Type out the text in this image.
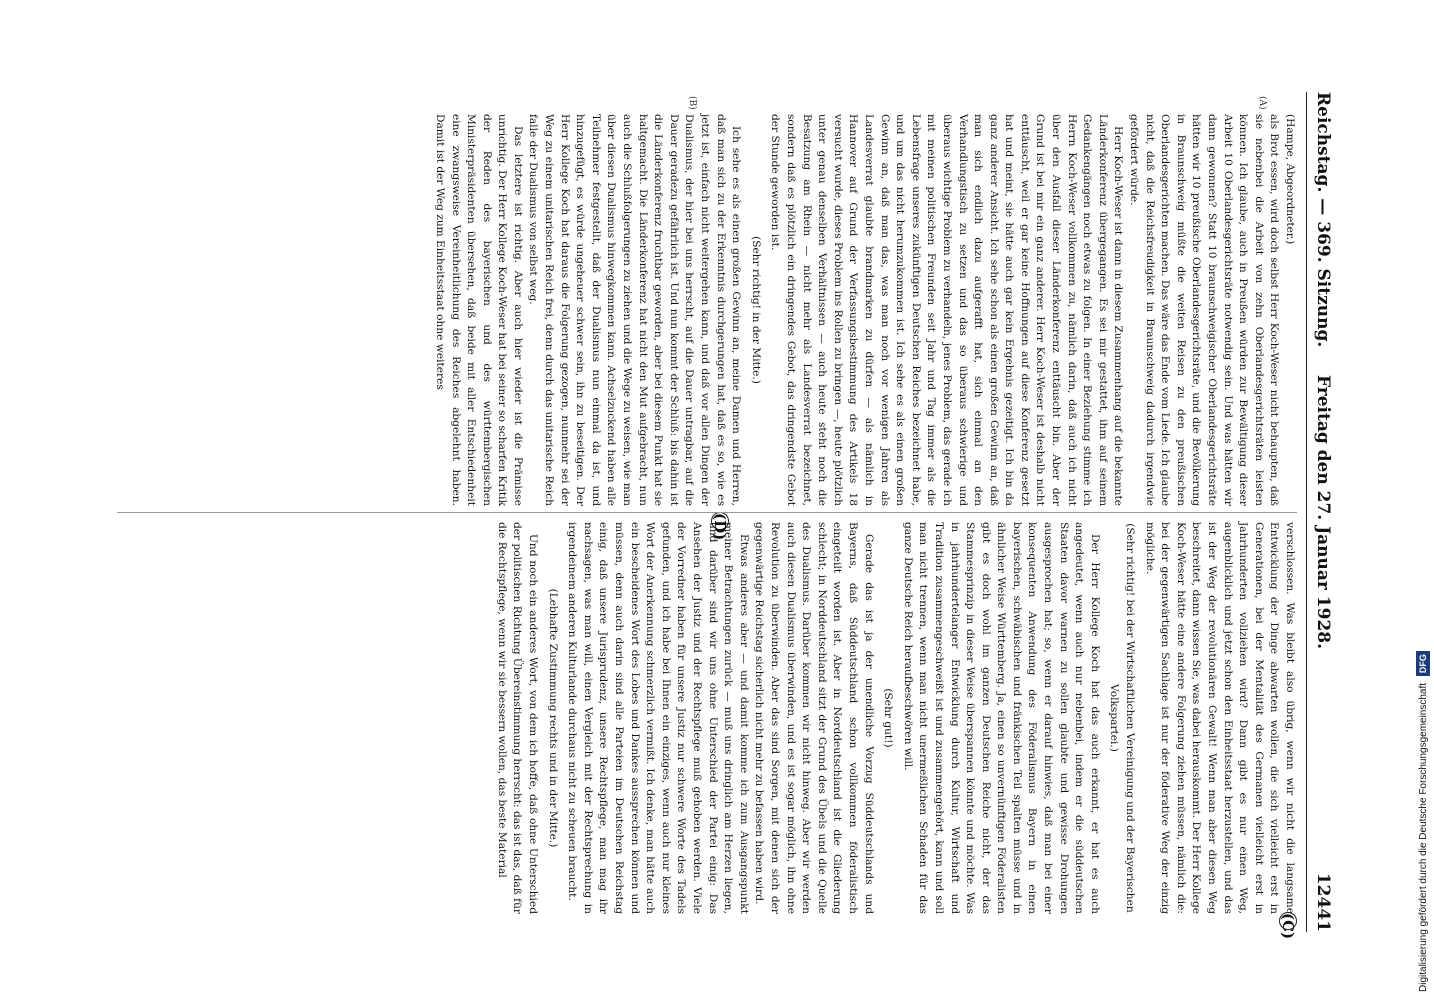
Reichstag. — 369. Sitzung.
Freitag den 27. Januar 1928.
12441
(A)
(B)
(C)
(D)

(Hampe, Abgeordneter.)

als Brot essen, wird doch selbst Herr Koch-Weser nicht behaupten, daß sie nebenbei die Arbeit von zehn Oberlandesgerichtsräten leisten können. Ich glaube, auch in Preußen würden zur Bewältigung dieser Arbeit 10 Oberlandesgerichtsräte notwendig sein. Und was hätten wir dann gewonnen? Statt 10 braunschweigischer Oberlandesgerichtsräte hätten wir 10 preußische Oberlandesgerichtsräte, und die Bevölkerung in Braunschweig müßte die weiten Reisen zu den preußischen Oberlandesgerichten machen. Das wäre das Ende vom Liede. Ich glaube nicht, daß die Reichsfreudigkeit in Braunschweig dadurch irgendwie gefördert würde.

Herr Koch-Weser ist dann in diesem Zusammenhang auf die bekannte Länderkonferenz übergegangen. Es sei mir gestattet, ihm auf seinem Gedankengängen noch etwas zu folgen. In einer Beziehung stimme ich Herrn Koch-Weser vollkommen zu, nämlich darin, daß auch ich nicht über den Ausfall dieser Länderkonferenz enttäuscht bin. Aber der Grund ist bei mir ein ganz anderer. Herr Koch-Weser ist deshalb nicht enttäuscht, weil er gar keine Hoffnungen auf diese Konferenz gesetzt hat und meint, sie hätte auch gar kein Ergebnis gezeitigt. Ich bin da ganz anderer Ansicht. Ich sehe schon als einen großen Gewinn an, daß man sich endlich dazu aufgerafft hat, sich einmal an den Verhandlungstisch zu setzen und das so überaus schwierige und überaus wichtige Problem zu verhandeln, jenes Problem, das gerade ich mit meinen politischen Freunden seit Jahr und Tag immer als die Lebensfrage unseres zukünftigen Deutschen Reiches bezeichnet habe, und um das nicht herumzukommen ist. Ich sehe es als einen großen Gewinn an, daß man das, was man noch vor wenigen Jahren als Landesverrat glaubte brandmarken zu dürfen — als nämlich in Hannover auf Grund der Verfassungsbestimmung des Artikels 18 versucht wurde, dieses Problem ins Rollen zu bringen —, heute plötzlich unter genau denselben Verhältnissen — auch heute steht noch die Besatzung am Rhein — nicht mehr als Landesverrat bezeichnet, sondern daß es plötzlich ein dringendes Gebot, das dringendste Gebot der Stunde geworden ist.

(Sehr richtig! in der Mitte.)

Ich sehe es als einen großen Gewinn an, meine Damen und Herren, daß man sich zu der Erkenntnis durchgerungen hat, daß es so, wie es jetzt ist, einfach nicht weitergehen kann, und daß vor allen Dingen der Dualismus, der hier bei uns herrscht, auf die Dauer untragbar, auf die Dauer geradezu gefährlich ist. Und nun kommt der Schluß: bis dahin ist die Länderkonferenz fruchtbar geworden, aber bei diesem Punkt hat sie haltgemacht. Die Länderkonferenz hat nicht den Mut aufgebracht, nun auch die Schlußfolgerungen zu ziehen und die Wege zu weisen, wie man über diesen Dualismus hinwegkommen kann. Achselzuckend haben alle Teilnehmer festgestellt, daß der Dualismus nun einmal da ist, und hinzugefügt, es würde ungeheuer schwer sein, ihn zu beseitigen. Der Herr Kollege Koch hat daraus die Folgerung gezogen, nunmehr sei der Weg zu einem unitarischen Reich frei, denn durch das unitarische Reich falle der Dualismus von selbst weg.

Das letztere ist richtig. Aber auch hier wieder ist die Prämisse unrichtig. Der Herr Kollege Koch-Weser hat bei seiner so scharfen Kritik der Reden des bayerischen und des württembergischen Ministerpräsidenten übersehen, daß beide mit aller Entschiedenheit eine zwangsweise Vereinheitlichung des Reiches abgelehnt haben. Damit ist der Weg zum Einheitsstaat ohne weiteres

verschlossen. Was bleibt also übrig, wenn wir nicht die langsame Entwicklung der Dinge abwarten wollen, die sich vielleicht erst in Generationen, bei der Mentalität des Germanen vielleicht erst in Jahrhunderten vollziehen wird? Dann gibt es nur einen Weg, augenblicklich und jetzt schon den Einheitsstaat herzustellen, und das ist der Weg der revolutionären Gewalt! Wenn man aber diesen Weg beschreitet, dann wissen Sie, was dabei herauskommt. Der Herr Kollege Koch-Weser hätte eine andere Folgerung ziehen müssen, nämlich die: bei der gegenwärtigen Sachlage ist nur der föderative Weg der einzig mögliche.

(Sehr richtig! bei der Wirtschaftlichen Vereinigung und der Bayerischen Volkspartei.)

Der Herr Kollege Koch hat das auch erkannt, er hat es auch angedeutet, wenn auch nur nebenbei, indem er die süddeutschen Staaten davor warnen zu sollen glaubte und gewisse Drohungen ausgesprochen hat; so, wenn er darauf hinwies, daß man bei einer konsequenten Anwendung des Föderalismus Bayern in einen bayerischen, schwäbischen und fränkischen Teil spalten müsse und in ähnlicher Weise Württemberg. Ja, einen so unvernünftigen Föderalisten gibt es doch wohl im ganzen Deutschen Reiche nicht, der das Stammesprinzip in dieser Weise überspannen könnte und möchte. Was in jahrhundertelanger Entwicklung durch Kultur, Wirtschaft und Tradition zusammengeschweißt ist und zusammengehört, kann und soll man nicht trennen, wenn man nicht unermeßlichen Schaden für das ganze Deutsche Reich heraufbeschwören will.

(Sehr gut!)

Gerade das ist ja der unendliche Vorzug Süddeutschlands und Bayerns, daß Süddeutschland schon vollkommen föderalistisch eingeteilt worden ist. Aber in Norddeutschland ist die Gliederung schlecht; in Norddeutschland sitzt der Grund des Übels und die Quelle des Dualismus. Darüber kommen wir nicht hinweg. Aber wir werden auch diesen Dualismus überwinden, und es ist sogar möglich, ihn ohne Revolution zu überwinden. Aber das sind Sorgen, mit denen sich der gegenwärtige Reichstag sicherlich nicht mehr zu befassen haben wird.

Etwas anderes aber — und damit komme ich zum Ausgangspunkt meiner Betrachtungen zurück — muß uns dringlich am Herzen liegen, und darüber sind wir uns ohne Unterschied der Partei einig: Das Ansehen der Justiz und der Rechtspflege muß gehoben werden. Viele der Vorredner haben für unsere Justiz nur schwere Worte des Tadels gefunden, und ich habe bei Ihnen ein einziges, wenn auch nur kleines Wort der Anerkennung schmerzlich vermißt. Ich denke, man hätte auch ein bescheidenes Wort des Lobes und Dankes aussprechen können und müssen, denn auch darin sind alle Parteien im Deutschen Reichstag einig, daß unsere Jurisprudenz, unsere Rechtspflege, man mag ihr nachsagen, was man will, einen Vergleich mit der Rechtsprechung in irgendeinem anderen Kulturlande durchaus nicht zu scheuen braucht.

(Lebhafte Zustimmung rechts und in der Mitte.)

Und noch ein anderes Wort, von dem ich hoffe, daß ohne Unterschied der politischen Richtung Übereinstimmung herrscht: das ist das, daß für die Rechtspflege, wenn wir sie bessern wollen, das beste Material	Digitalisierung gefördert durch die Deutsche Forschungsgemeinschaft DFG
